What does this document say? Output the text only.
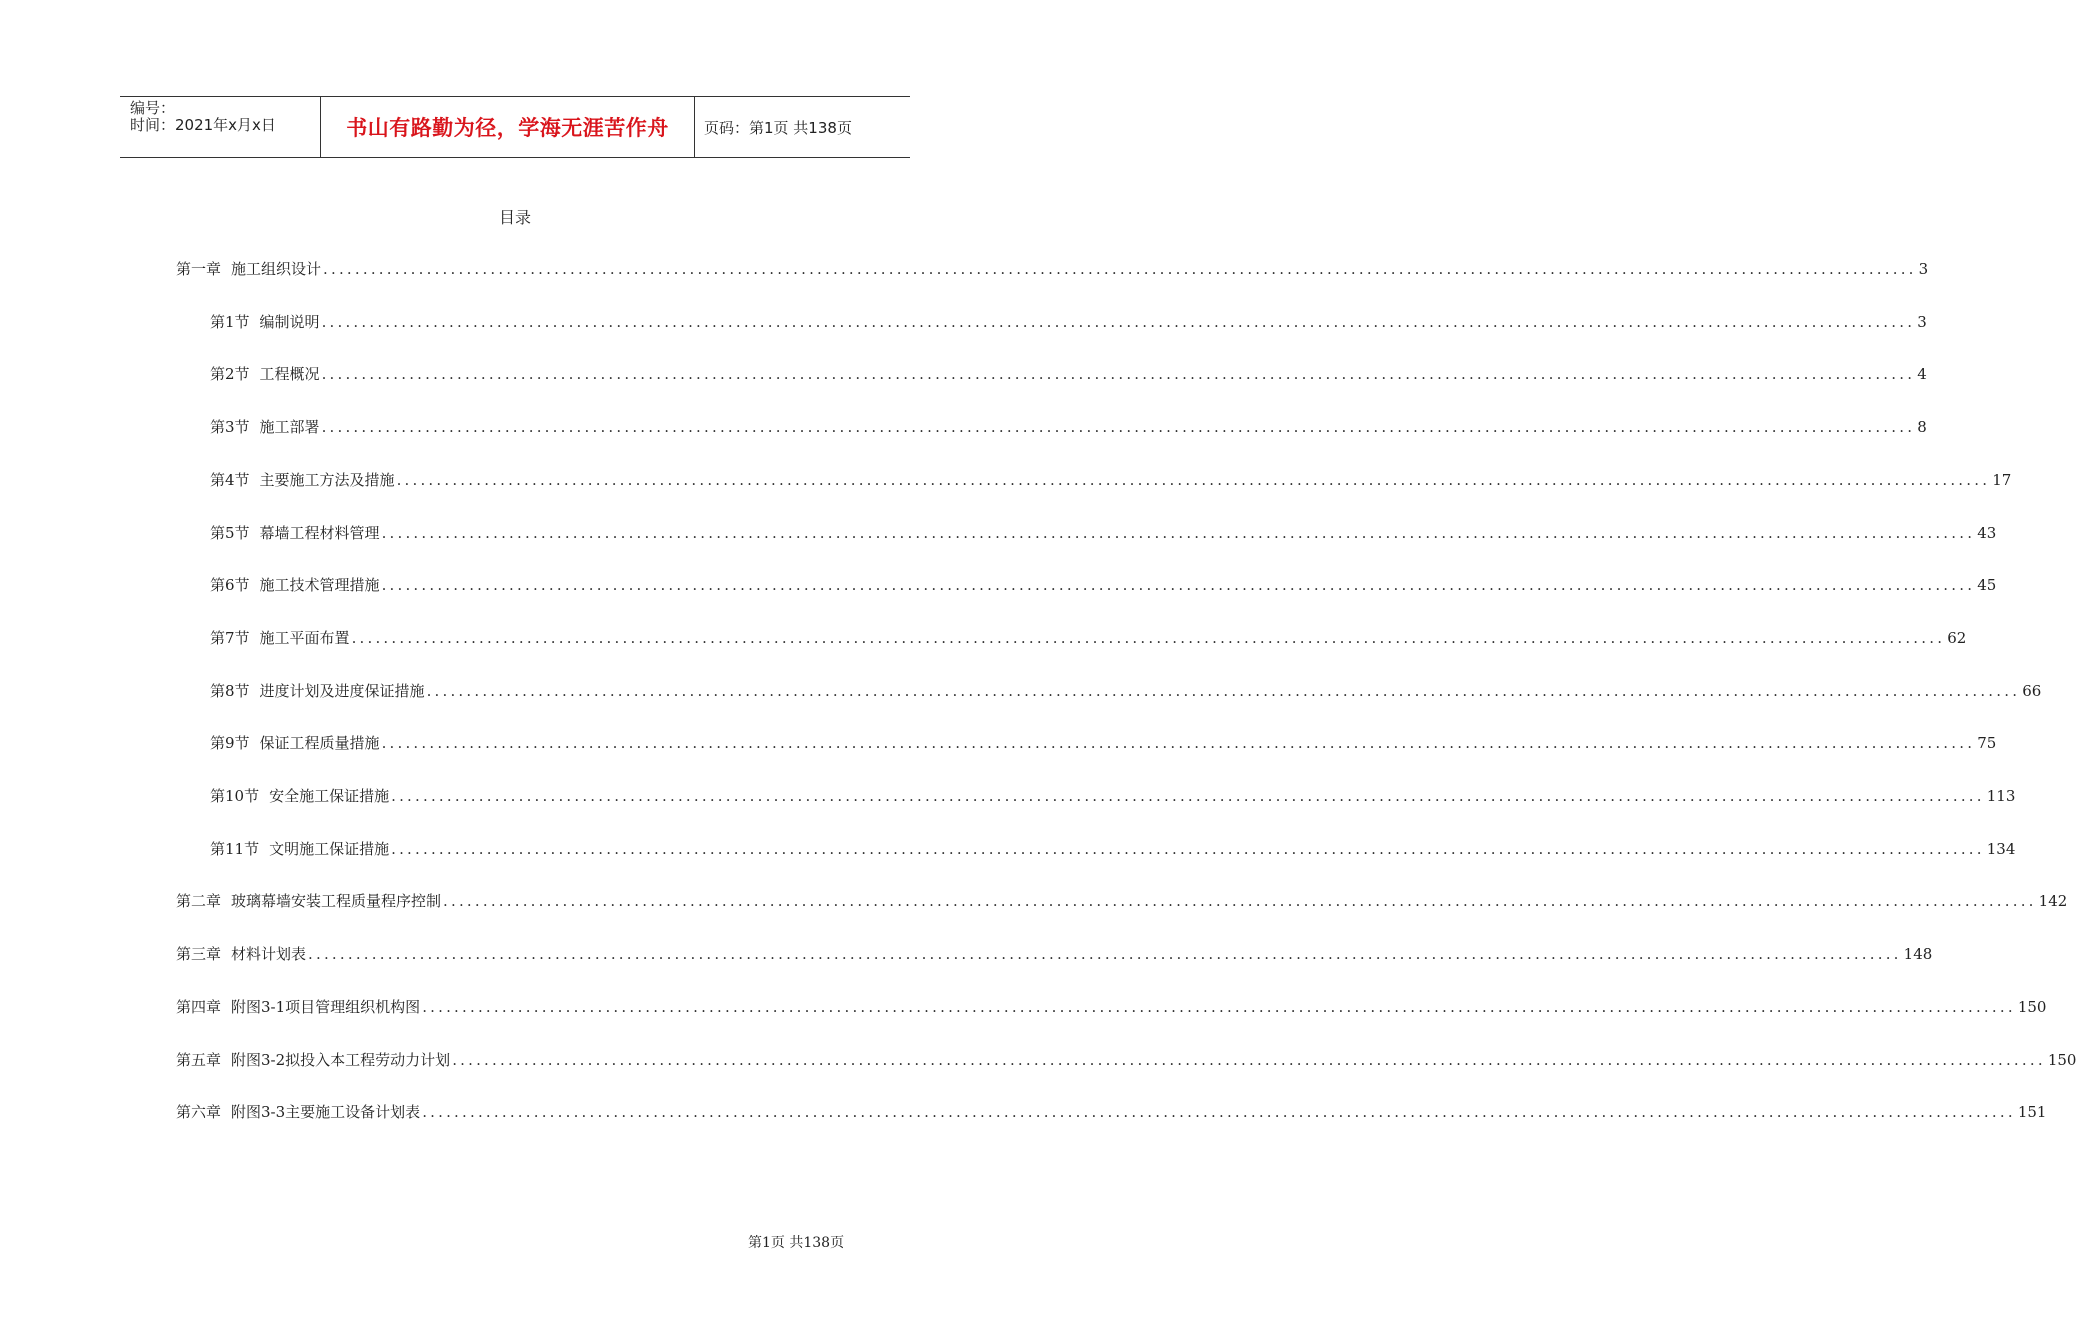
编号：
时间：2021年x月x日	书山有路勤为径，学海无涯苦作舟	页码：第1页 共138页
目录
第一章 施工组织设计 ........................................................................................................................................................................................................ 3
第1节 编制说明 ........................................................................................................................................................................................................ 3
第2节 工程概况 ........................................................................................................................................................................................................ 4
第3节 施工部署 ........................................................................................................................................................................................................ 8
第4节 主要施工方法及措施 ........................................................................................................................................................................................................ 17
第5节 幕墙工程材料管理 ........................................................................................................................................................................................................ 43
第6节 施工技术管理措施 ........................................................................................................................................................................................................ 45
第7节 施工平面布置 ........................................................................................................................................................................................................ 62
第8节 进度计划及进度保证措施 ........................................................................................................................................................................................................ 66
第9节 保证工程质量措施 ........................................................................................................................................................................................................ 75
第10节 安全施工保证措施 ........................................................................................................................................................................................................ 113
第11节 文明施工保证措施 ........................................................................................................................................................................................................ 134
第二章 玻璃幕墙安装工程质量程序控制 ........................................................................................................................................................................................................ 142
第三章 材料计划表 ........................................................................................................................................................................................................ 148
第四章 附图3-1项目管理组织机构图 ........................................................................................................................................................................................................ 150
第五章 附图3-2拟投入本工程劳动力计划 ........................................................................................................................................................................................................ 150
第六章 附图3-3主要施工设备计划表 ........................................................................................................................................................................................................ 151
第1页 共138页
